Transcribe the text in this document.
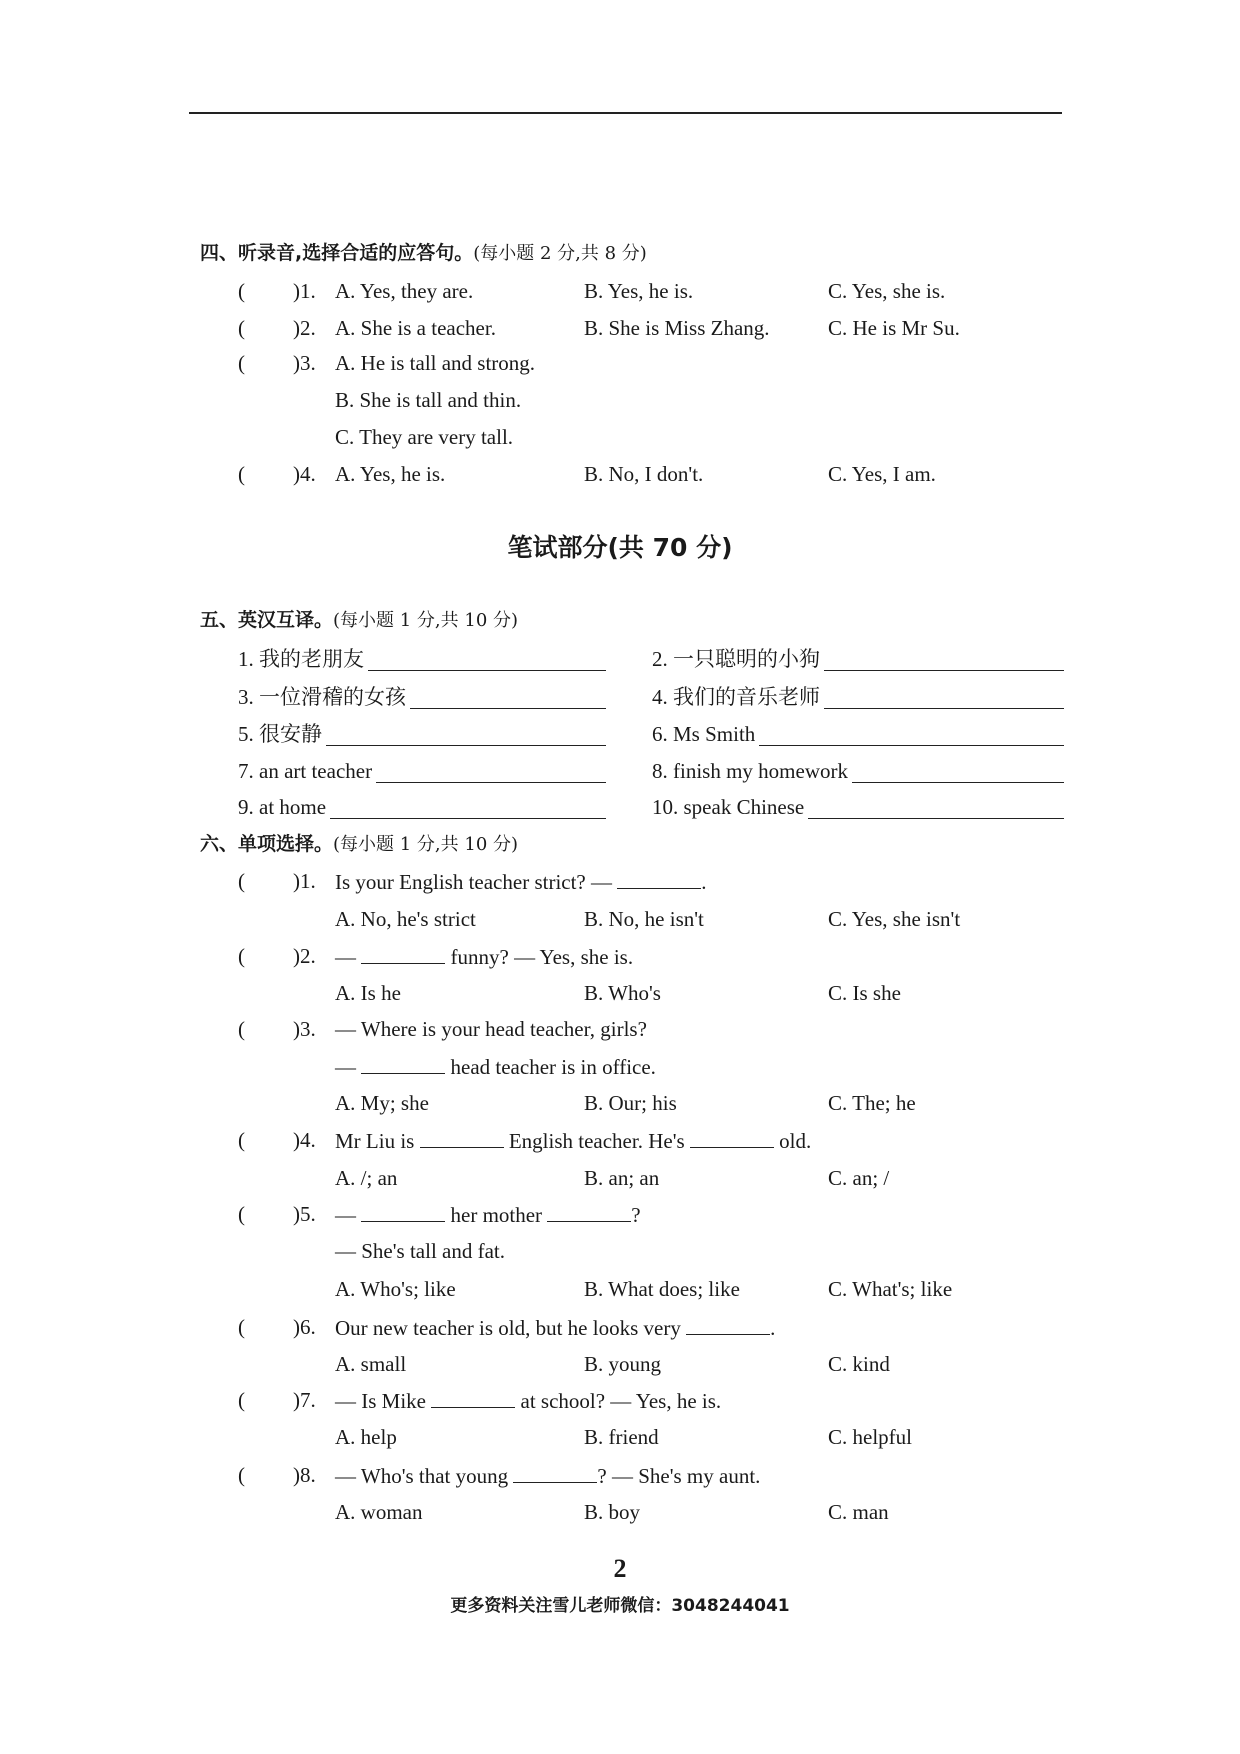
四、听录音,选择合适的应答句。(每小题 2 分,共 8 分)
( )1. A. Yes, they are.	B. Yes, he is.	C. Yes, she is.
( )2. A. She is a teacher.	B. She is Miss Zhang.	C. He is Mr Su.
( )3. A. He is tall and strong.
B. She is tall and thin.
C. They are very tall.
( )4. A. Yes, he is.	B. No, I don't.	C. Yes, I am.
笔试部分(共 70 分)
五、英汉互译。(每小题 1 分,共 10 分)
1. 我的老朋友	2. 一只聪明的小狗
3. 一位滑稽的女孩	4. 我们的音乐老师
5. 很安静	6. Ms Smith
7. an art teacher	8. finish my homework
9. at home	10. speak Chinese
六、单项选择。(每小题 1 分,共 10 分)
( )1. Is your English teacher strict? —	.
A. No, he's strict	B. No, he isn't	C. Yes, she isn't
( )2. —	funny? — Yes, she is.
A. Is he	B. Who's	C. Is she
( )3. — Where is your head teacher, girls?
—	head teacher is in office.
A. My; she	B. Our; his	C. The; he
( )4. Mr Liu is	English teacher. He's	old.
A. /; an	B. an; an	C. an; /
( )5. —	her mother	?
— She's tall and fat.
A. Who's; like	B. What does; like	C. What's; like
( )6. Our new teacher is old, but he looks very	.
A. small	B. young	C. kind
( )7. — Is Mike	at school? — Yes, he is.
A. help	B. friend	C. helpful
( )8. — Who's that young	? — She's my aunt.
A. woman	B. boy	C. man
2
更多资料关注雪儿老师微信：3048244041
